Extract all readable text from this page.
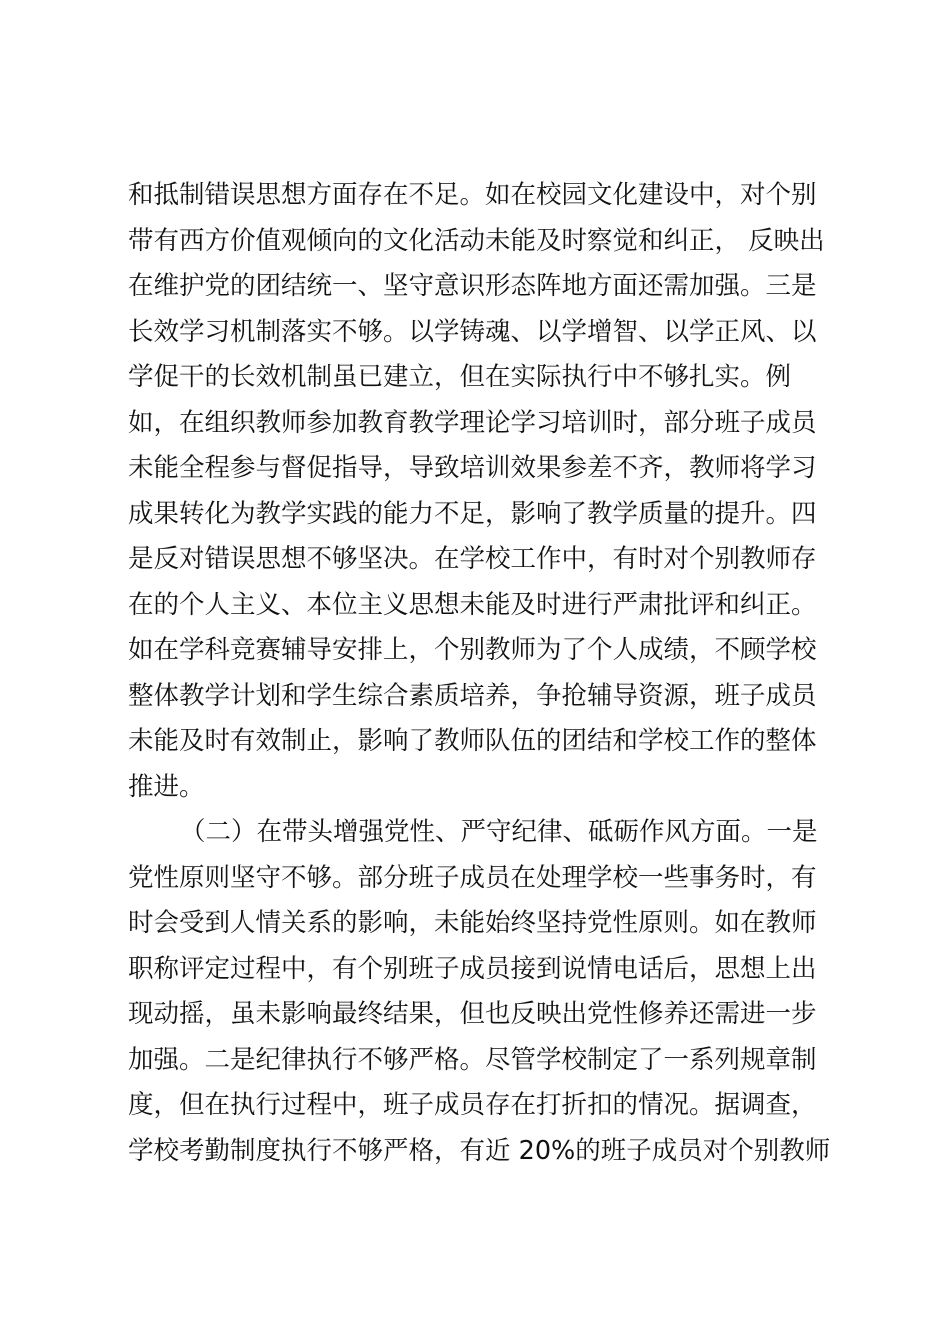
和抵制错误思想方面存在不足。如在校园文化建设中，对个别
带有西方价值观倾向的文化活动未能及时察觉和纠正， 反映出
在维护党的团结统一、坚守意识形态阵地方面还需加强。三是
长效学习机制落实不够。以学铸魂、以学增智、以学正风、以
学促干的长效机制虽已建立，但在实际执行中不够扎实。例
如，在组织教师参加教育教学理论学习培训时，部分班子成员
未能全程参与督促指导，导致培训效果参差不齐，教师将学习
成果转化为教学实践的能力不足，影响了教学质量的提升。四
是反对错误思想不够坚决。在学校工作中，有时对个别教师存
在的个人主义、本位主义思想未能及时进行严肃批评和纠正。
如在学科竞赛辅导安排上，个别教师为了个人成绩，不顾学校
整体教学计划和学生综合素质培养，争抢辅导资源，班子成员
未能及时有效制止，影响了教师队伍的团结和学校工作的整体
推进。
（二）在带头增强党性、严守纪律、砥砺作风方面。一是
党性原则坚守不够。部分班子成员在处理学校一些事务时，有
时会受到人情关系的影响，未能始终坚持党性原则。如在教师
职称评定过程中，有个别班子成员接到说情电话后，思想上出
现动摇，虽未影响最终结果，但也反映出党性修养还需进一步
加强。二是纪律执行不够严格。尽管学校制定了一系列规章制
度，但在执行过程中，班子成员存在打折扣的情况。据调查，
学校考勤制度执行不够严格，有近 20%的班子成员对个别教师
